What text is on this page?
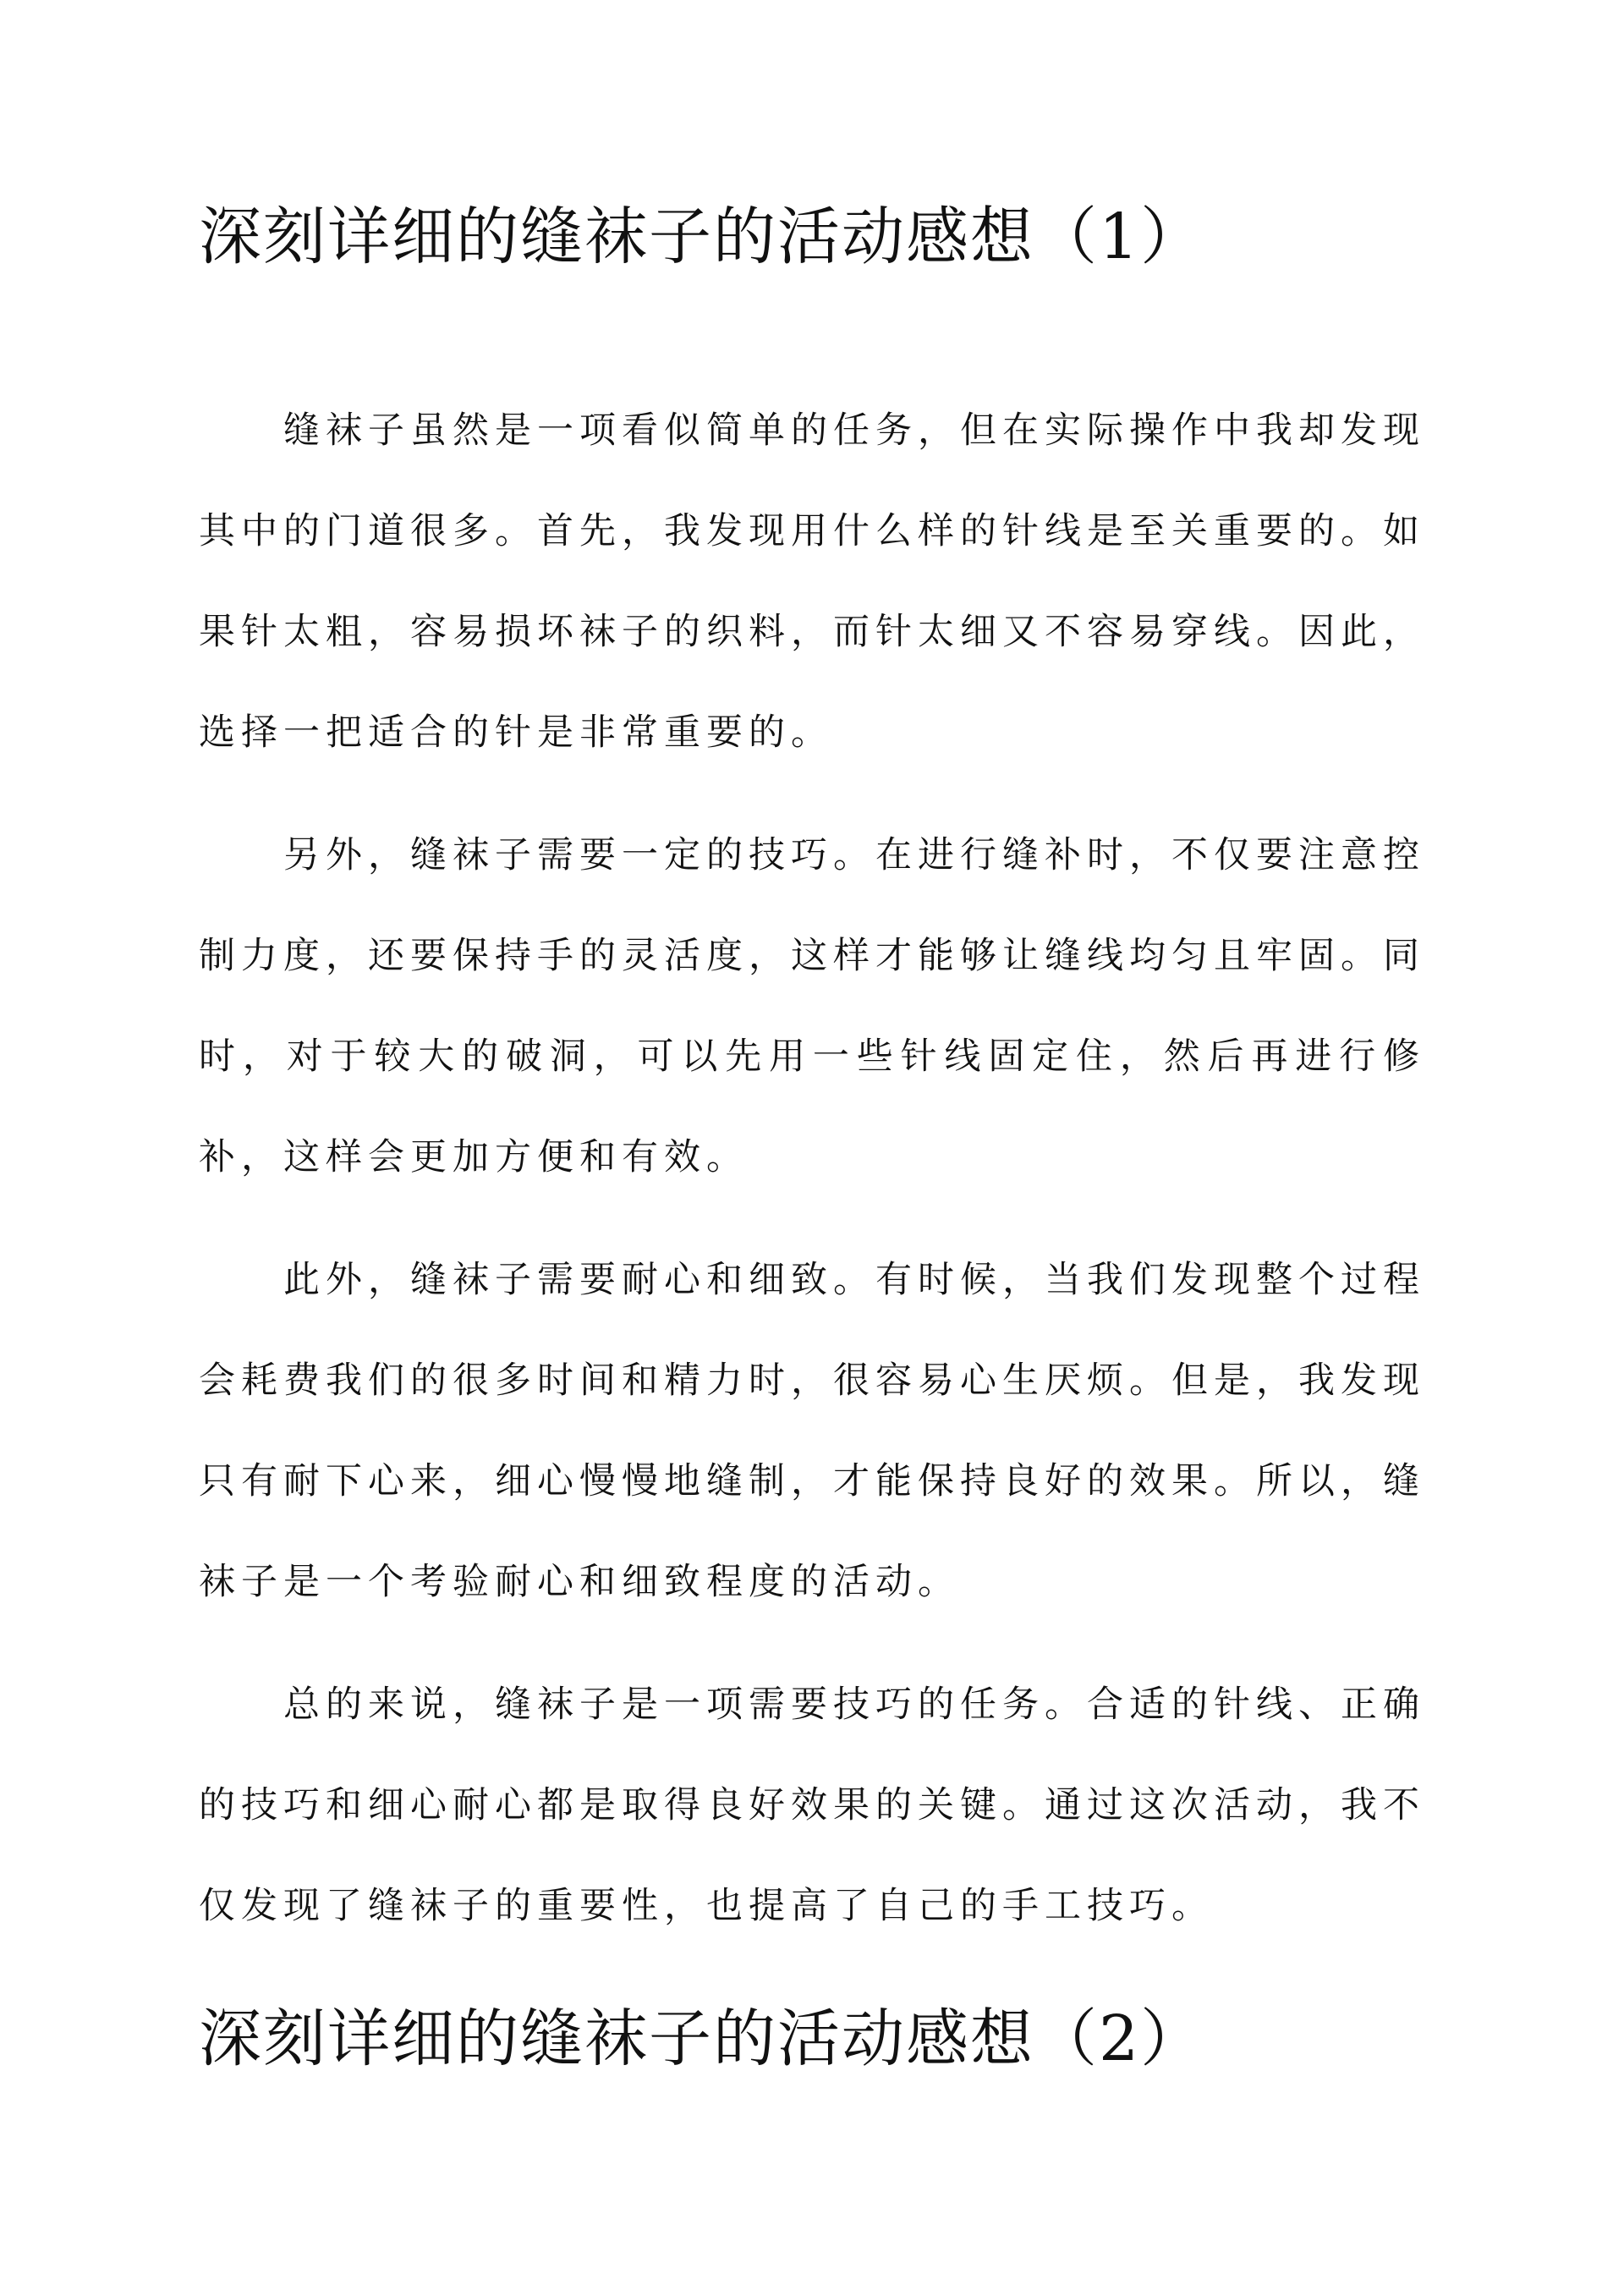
深刻详细的缝袜子的活动感想（1）

缝袜子虽然是一项看似简单的任务，但在实际操作中我却发现其中的门道很多。首先，我发现用什么样的针线是至关重要的。如果针太粗，容易损坏袜子的织料，而针太细又不容易穿线。因此，选择一把适合的针是非常重要的。

另外，缝袜子需要一定的技巧。在进行缝补时，不仅要注意控制力度，还要保持手的灵活度，这样才能够让缝线均匀且牢固。同时，对于较大的破洞，可以先用一些针线固定住，然后再进行修补，这样会更加方便和有效。

此外，缝袜子需要耐心和细致。有时候，当我们发现整个过程会耗费我们的很多时间和精力时，很容易心生厌烦。但是，我发现只有耐下心来，细心慢慢地缝制，才能保持良好的效果。所以，缝袜子是一个考验耐心和细致程度的活动。

总的来说，缝袜子是一项需要技巧的任务。合适的针线、正确的技巧和细心耐心都是取得良好效果的关键。通过这次活动，我不仅发现了缝袜子的重要性，也提高了自己的手工技巧。

深刻详细的缝袜子的活动感想（2）
